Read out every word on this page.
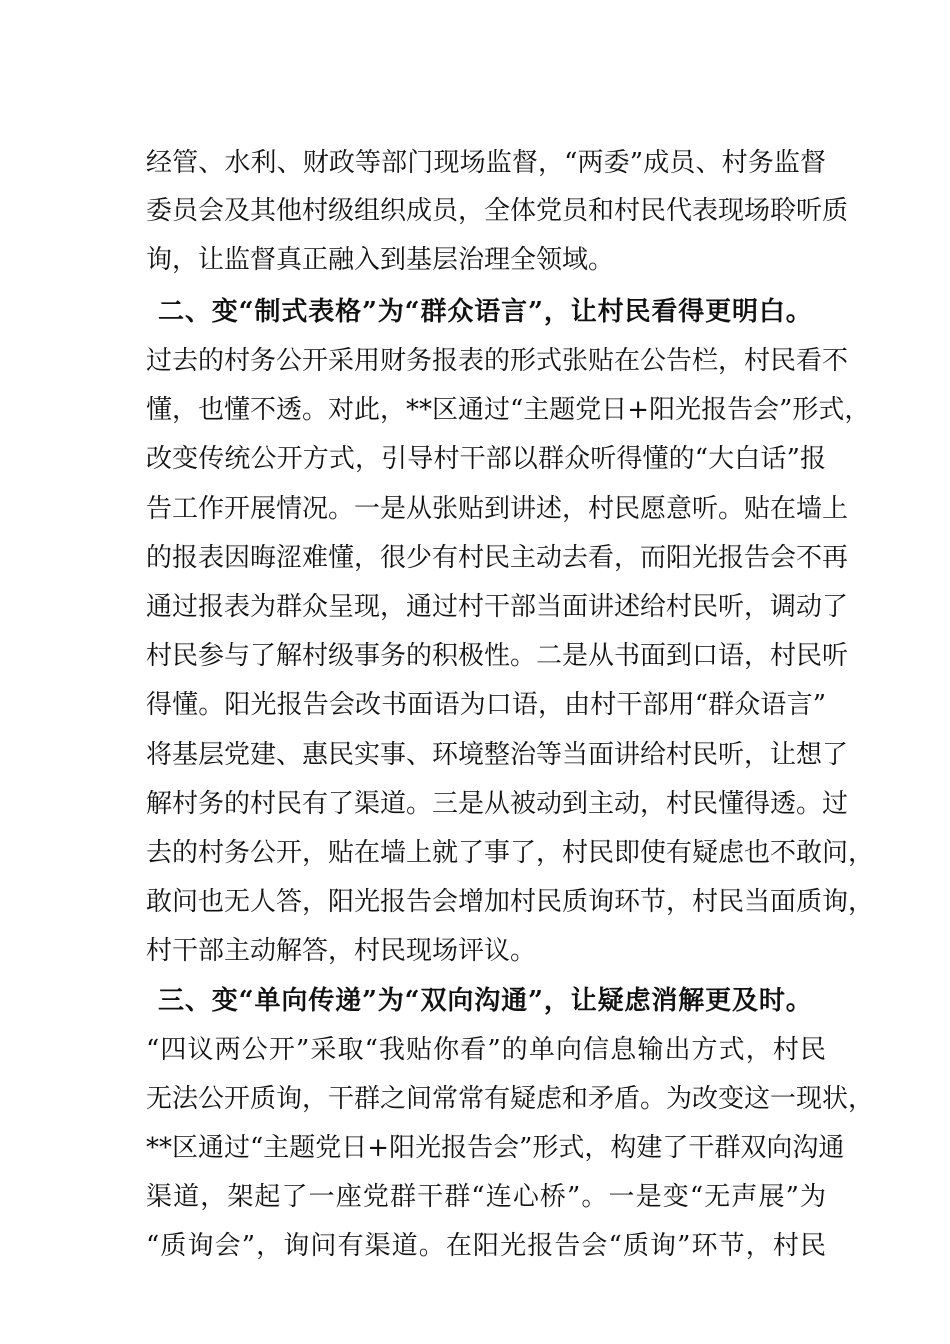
经管、水利、财政等部门现场监督，“两委”成员、村务监督
委员会及其他村级组织成员，全体党员和村民代表现场聆听质
询，让监督真正融入到基层治理全领域。
二、变“制式表格”为“群众语言”，让村民看得更明白。
过去的村务公开采用财务报表的形式张贴在公告栏，村民看不
懂，也懂不透。对此，**区通过“主题党日+阳光报告会”形式，
改变传统公开方式，引导村干部以群众听得懂的“大白话”报
告工作开展情况。一是从张贴到讲述，村民愿意听。贴在墙上
的报表因晦涩难懂，很少有村民主动去看，而阳光报告会不再
通过报表为群众呈现，通过村干部当面讲述给村民听，调动了
村民参与了解村级事务的积极性。二是从书面到口语，村民听
得懂。阳光报告会改书面语为口语，由村干部用“群众语言”
将基层党建、惠民实事、环境整治等当面讲给村民听，让想了
解村务的村民有了渠道。三是从被动到主动，村民懂得透。过
去的村务公开，贴在墙上就了事了，村民即使有疑虑也不敢问，
敢问也无人答，阳光报告会增加村民质询环节，村民当面质询，
村干部主动解答，村民现场评议。
三、变“单向传递”为“双向沟通”，让疑虑消解更及时。
“四议两公开”采取“我贴你看”的单向信息输出方式，村民
无法公开质询，干群之间常常有疑虑和矛盾。为改变这一现状，
**区通过“主题党日+阳光报告会”形式，构建了干群双向沟通
渠道，架起了一座党群干群“连心桥”。一是变“无声展”为
“质询会”，询问有渠道。在阳光报告会“质询”环节，村民
